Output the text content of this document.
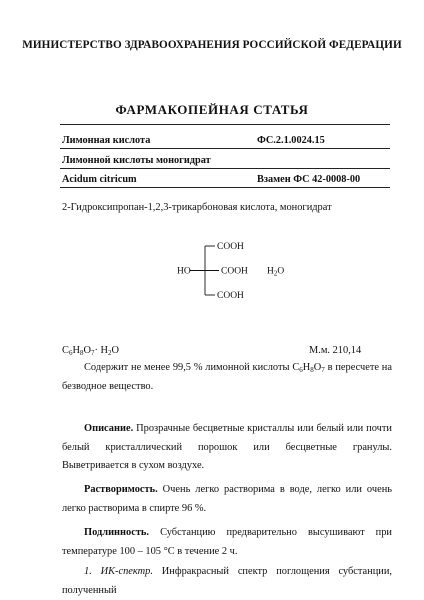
МИНИСТЕРСТВО ЗДРАВООХРАНЕНИЯ РОССИЙСКОЙ ФЕДЕРАЦИИ
ФАРМАКОПЕЙНАЯ СТАТЬЯ
Лимонная кислота	ФС.2.1.0024.15
Лимонной кислоты моногидрат
Acidum citricum	Взамен ФС 42-0008-00
2-Гидроксипропан-1,2,3-трикарбоновая кислота, моногидрат
COOH
COOH
COOH
HO	$H_2O$
$C_6H_8O_7\cdot H_2O$	М.м. 210,14
Содержит не менее 99,5 % лимонной кислоты $C_6H_8O_7$ в пересчете на безводное вещество.
Описание. Прозрачные бесцветные кристаллы или белый или почти белый кристаллический порошок или бесцветные гранулы. Выветривается в сухом воздухе.
Растворимость. Очень легко растворима в воде, легко или очень легко растворима в спирте 96 %.
Подлинность. Субстанцию предварительно высушивают при температуре 100 – 105 °С в течение 2 ч.
1. ИК-спектр. Инфракрасный спектр поглощения субстанции, полученный
